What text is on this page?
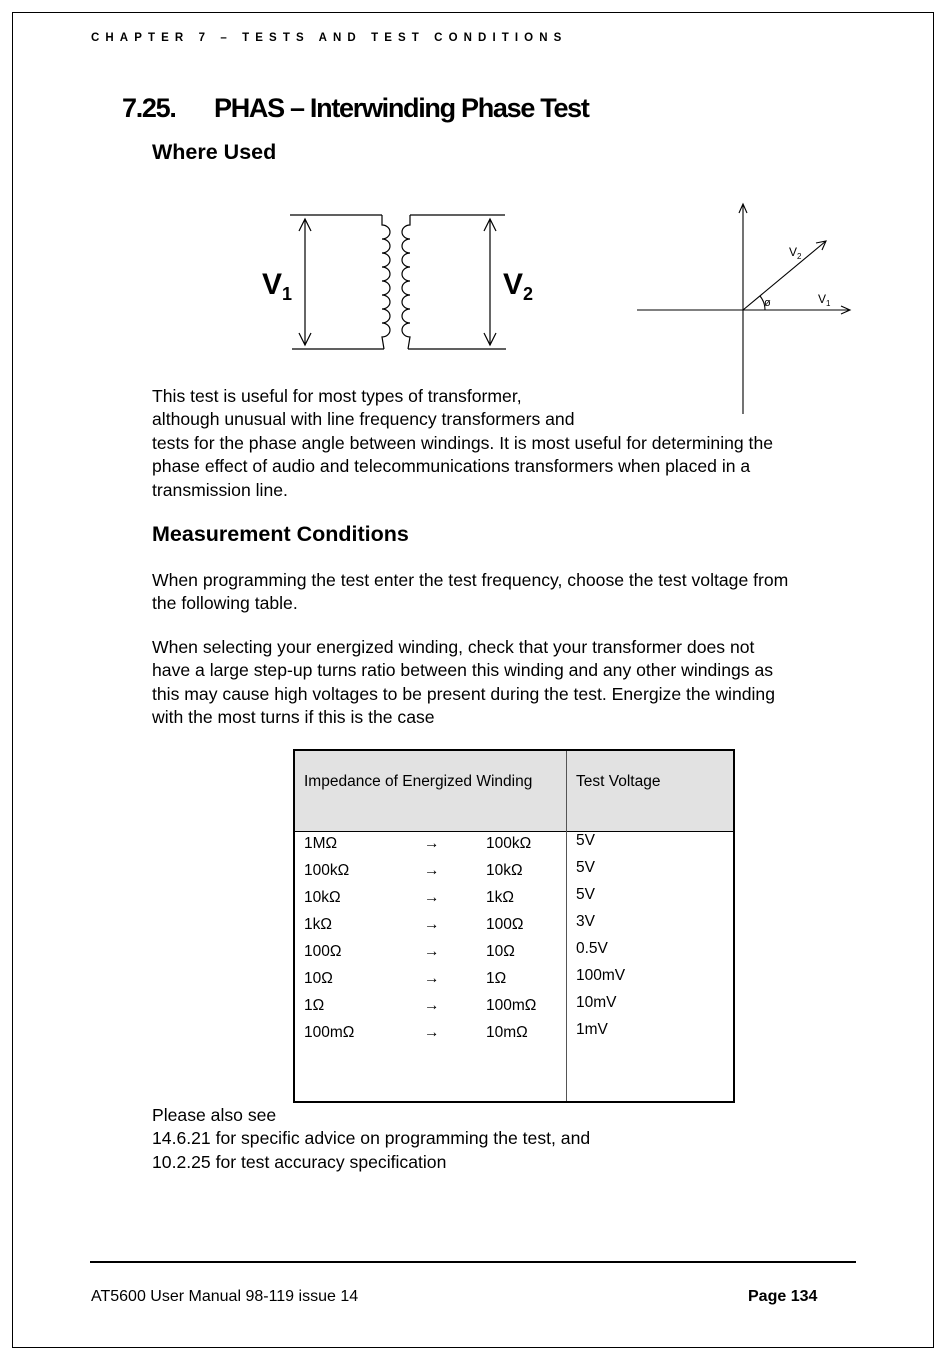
CHAPTER 7 – TESTS AND TEST CONDITIONS
7.25. PHAS – Interwinding Phase Test
Where Used
$V_1$	$V_2$
$V_2$
$V_1$
ø
This test is useful for most types of transformer,
although unusual with line frequency transformers and
tests for the phase angle between windings. It is most useful for determining the
phase effect of audio and telecommunications transformers when placed in a
transmission line.
Measurement Conditions
When programming the test enter the test frequency, choose the test voltage from
the following table.
When selecting your energized winding, check that your transformer does not
have a large step-up turns ratio between this winding and any other windings as
this may cause high voltages to be present during the test. Energize the winding
with the most turns if this is the case
Impedance of Energized Winding	Test Voltage
1MΩ	→	100kΩ	5V
100kΩ	→	10kΩ	5V
10kΩ	→	1kΩ	5V
1kΩ	→	100Ω	3V
100Ω	→	10Ω	0.5V
10Ω	→	1Ω	100mV
1Ω	→	100mΩ	10mV
100mΩ	→	10mΩ	1mV
Please also see
14.6.21 for specific advice on programming the test, and
10.2.25 for test accuracy specification
AT5600 User Manual 98-119 issue 14	Page 134
